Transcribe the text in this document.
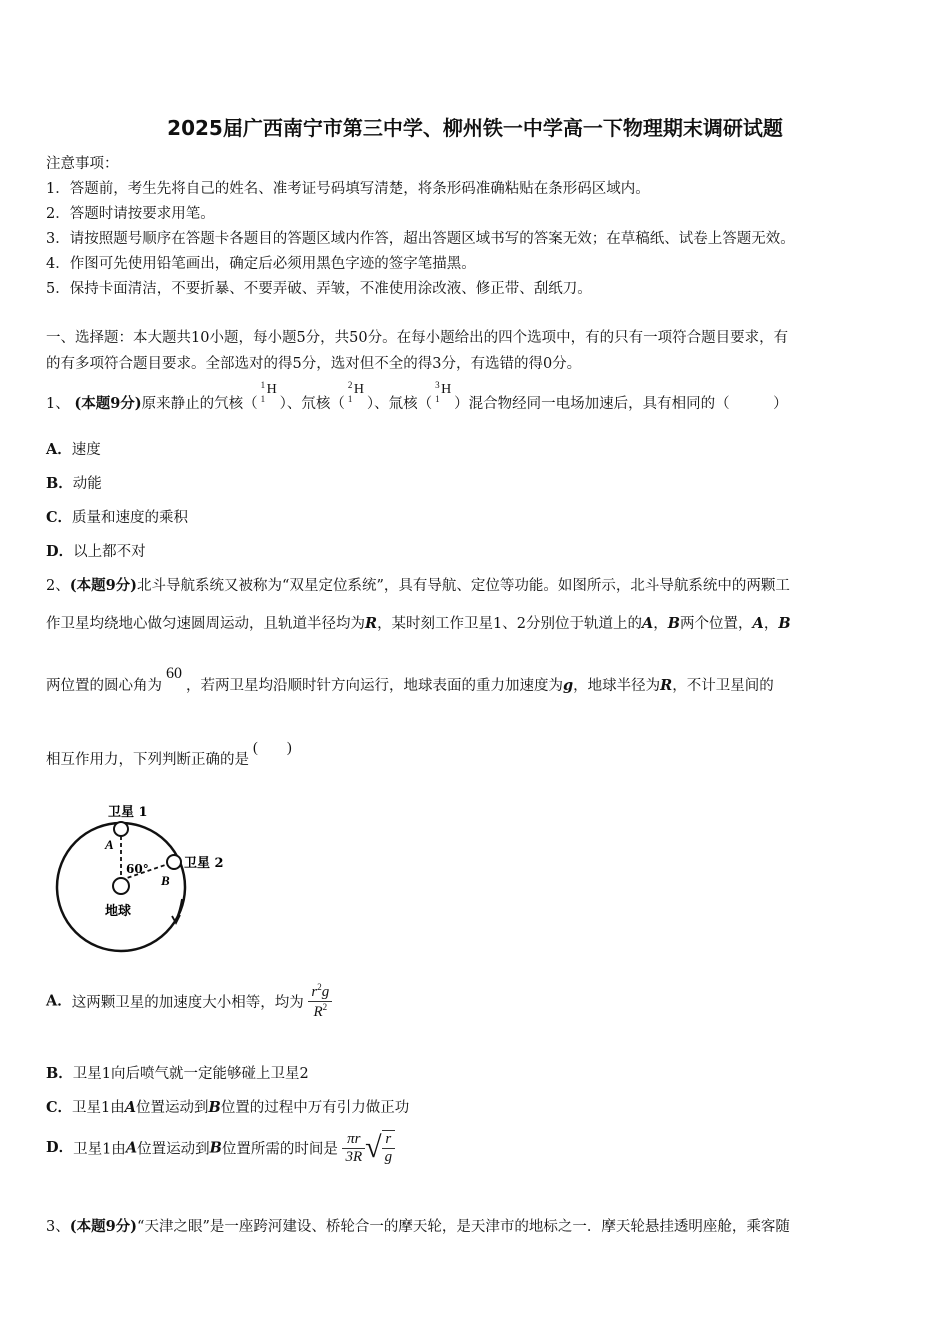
2025届广西南宁市第三中学、柳州铁一中学高一下物理期末调研试题
注意事项：
1．答题前，考生先将自己的姓名、准考证号码填写清楚，将条形码准确粘贴在条形码区域内。
2．答题时请按要求用笔。
3．请按照题号顺序在答题卡各题目的答题区域内作答，超出答题区域书写的答案无效；在草稿纸、试卷上答题无效。
4．作图可先使用铅笔画出，确定后必须用黑色字迹的签字笔描黑。
5．保持卡面清洁，不要折暴、不要弄破、弄皱，不准使用涂改液、修正带、刮纸刀。
一、选择题：本大题共10小题，每小题5分，共50分。在每小题给出的四个选项中，有的只有一项符合题目要求，有
的有多项符合题目要求。全部选对的得5分，选对但不全的得3分，有选错的得0分。
1、 (本题9分)原来静止的氕核（
1
1
H
）、氘核（
2
1
H
）、氚核（
3
1
H
）混合物经同一电场加速后，具有相同的（　　　）
A．速度
B．动能
C．质量和速度的乘积
D．以上都不对
2、(本题9分)北斗导航系统又被称为“双星定位系统”，具有导航、定位等功能。如图所示，北斗导航系统中的两颗工
作卫星均绕地心做匀速圆周运动，且轨道半径均为R，某时刻工作卫星1、2分别位于轨道上的A，B两个位置，A，B
两位置的圆心角为60，若两卫星均沿顺时针方向运行，地球表面的重力加速度为g，地球半径为R，不计卫星间的
相互作用力，下列判断正确的是(　　)
卫星 1
卫星 2
A
B
60°
地球
A．这两颗卫星的加速度大小相等，均为 $\frac{r^2g}{R^2}$
B．卫星1向后喷气就一定能够碰上卫星2
C．卫星1由A位置运动到B位置的过程中万有引力做正功
D．卫星1由A位置运动到B位置所需的时间是 $\frac{\pi r}{3R}$ √ $\frac{r}{g}$
3、(本题9分)“天津之眼”是一座跨河建设、桥轮合一的摩天轮，是天津市的地标之一．摩天轮悬挂透明座舱，乘客随
